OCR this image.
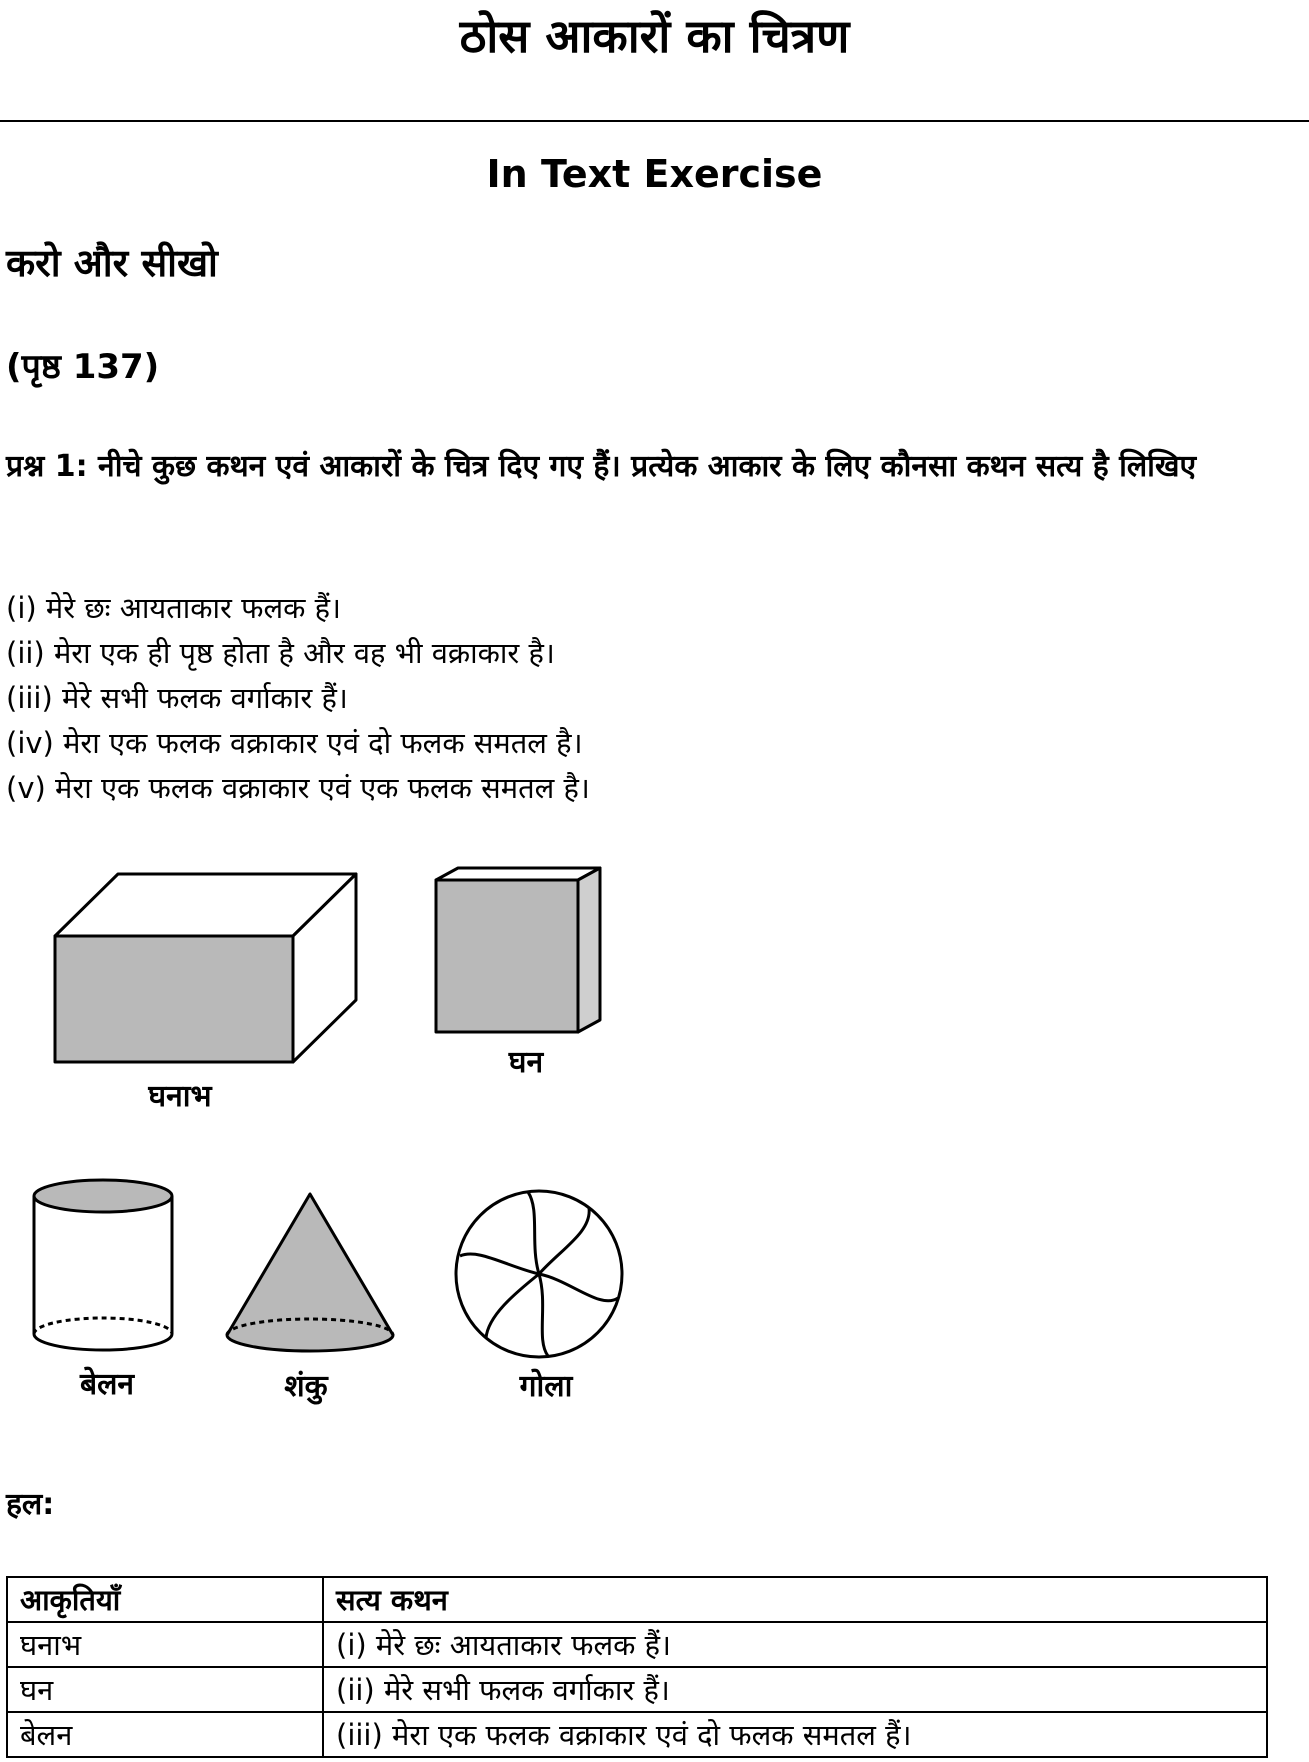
ठोस आकारों का चित्रण
In Text Exercise
करो और सीखो
(पृष्ठ 137)
प्रश्न 1: नीचे कुछ कथन एवं आकारों के चित्र दिए गए हैं। प्रत्येक आकार के लिए कौनसा कथन सत्य है लिखिए
(i) मेरे छः आयताकार फलक हैं।
(ii) मेरा एक ही पृष्ठ होता है और वह भी वक्राकार है।
(iii) मेरे सभी फलक वर्गाकार हैं।
(iv) मेरा एक फलक वक्राकार एवं दो फलक समतल है।
(v) मेरा एक फलक वक्राकार एवं एक फलक समतल है।
घनाभ
घन
बेलन	शंकु	गोला
हल:
आकृतियाँ	सत्य कथन
घनाभ	(i) मेरे छः आयताकार फलक हैं।
घन	(ii) मेरे सभी फलक वर्गाकार हैं।
बेलन	(iii) मेरा एक फलक वक्राकार एवं दो फलक समतल हैं।
